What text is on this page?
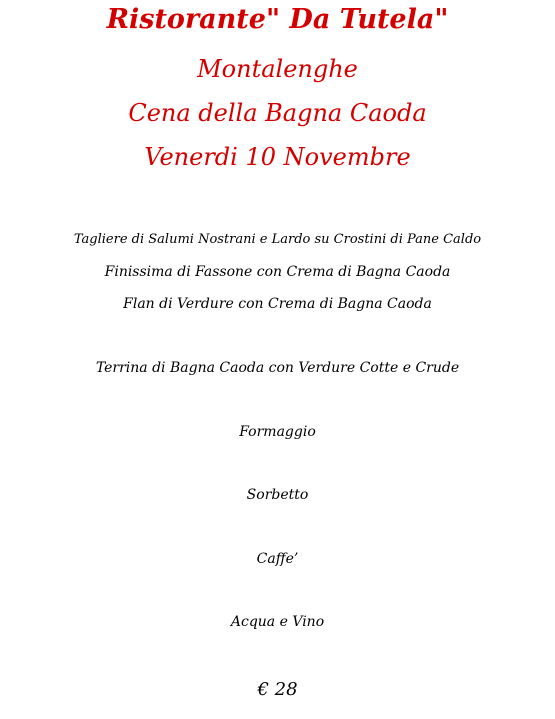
Ristorante" Da Tutela"
Montalenghe
Cena della Bagna Caoda
Venerdi 10 Novembre
Tagliere di Salumi Nostrani e Lardo su Crostini di Pane Caldo
Finissima di Fassone con Crema di Bagna Caoda
Flan di Verdure con Crema di Bagna Caoda
Terrina di Bagna Caoda con Verdure Cotte e Crude
Formaggio
Sorbetto
Caffe’
Acqua e Vino
€ 28
